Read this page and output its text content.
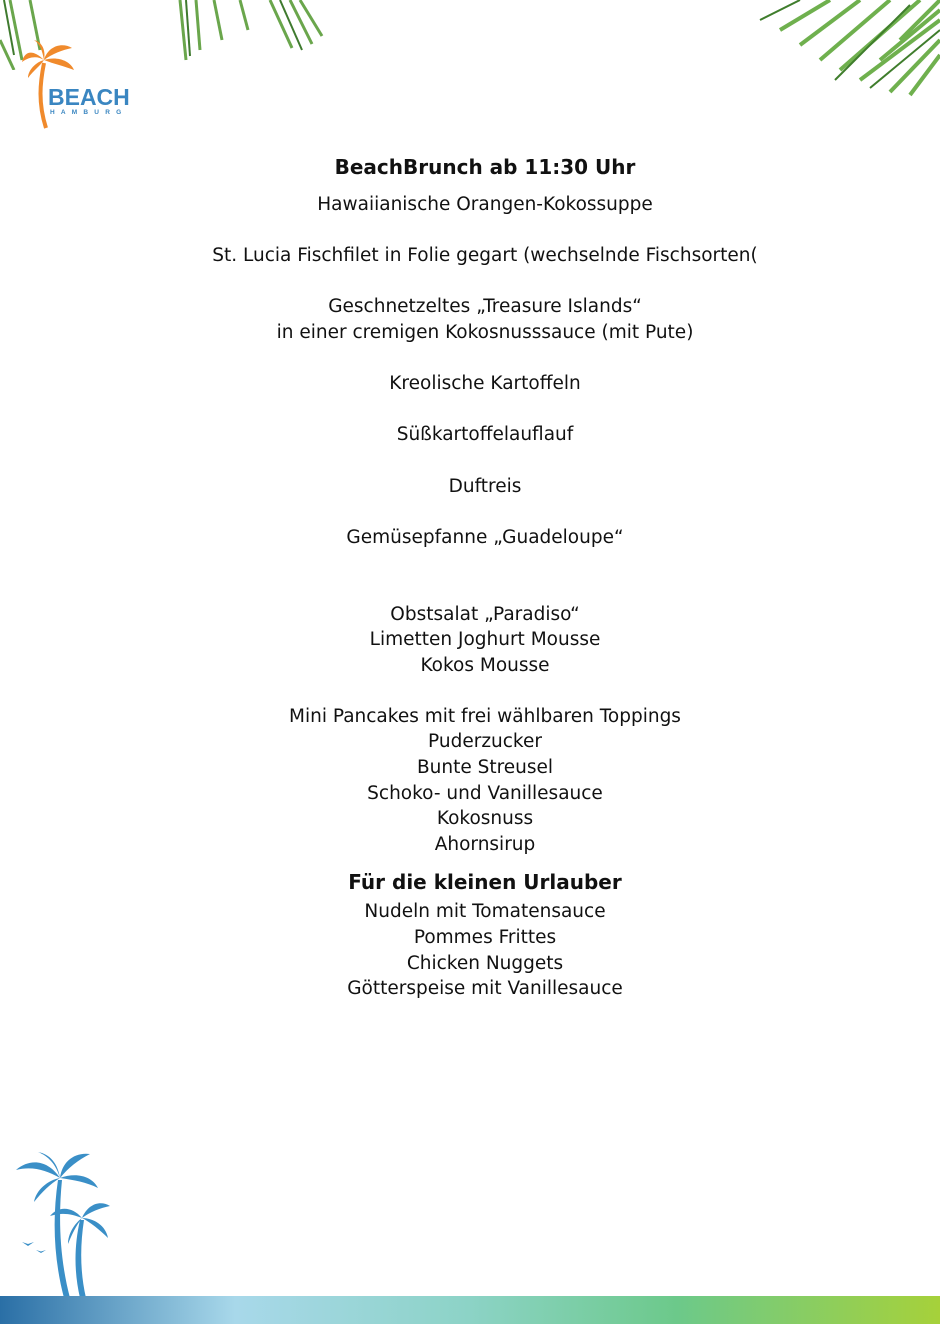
BEACH
HAMBURG
BeachBrunch ab 11:30 Uhr
Hawaiianische Orangen-Kokossuppe
St. Lucia Fischfilet in Folie gegart (wechselnde Fischsorten(
Geschnetzeltes „Treasure Islands“
in einer cremigen Kokosnusssauce (mit Pute)
Kreolische Kartoffeln
Süßkartoffelauflauf
Duftreis
Gemüsepfanne „Guadeloupe“
Obstsalat „Paradiso“
Limetten Joghurt Mousse
Kokos Mousse
Mini Pancakes mit frei wählbaren Toppings
Puderzucker
Bunte Streusel
Schoko- und Vanillesauce
Kokosnuss
Ahornsirup
Für die kleinen Urlauber
Nudeln mit Tomatensauce
Pommes Frittes
Chicken Nuggets
Götterspeise mit Vanillesauce
